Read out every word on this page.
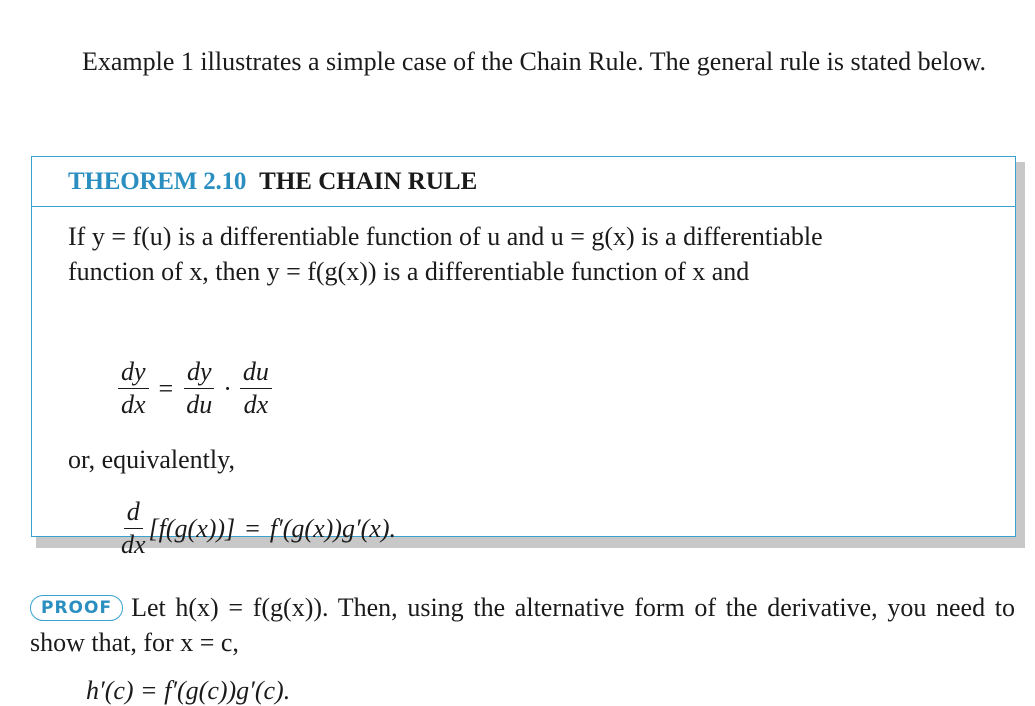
Example 1 illustrates a simple case of the Chain Rule. The general rule is stated below.

THEOREM 2.10 THE CHAIN RULE

If y = f(u) is a differentiable function of u and u = g(x) is a differentiable

function of x, then y = f(g(x)) is a differentiable function of x and

$\frac{dy}{dx} = \frac{dy}{du} \cdot \frac{du}{dx}$
or, equivalently,
$\frac{d}{dx} [f(g(x))] = f'(g(x))g'(x)$.

PROOF Let h(x) = f(g(x)). Then, using the alternative form of the derivative, you need to show that, for x = c,

h′(c) = f′(g(c))g′(c).
